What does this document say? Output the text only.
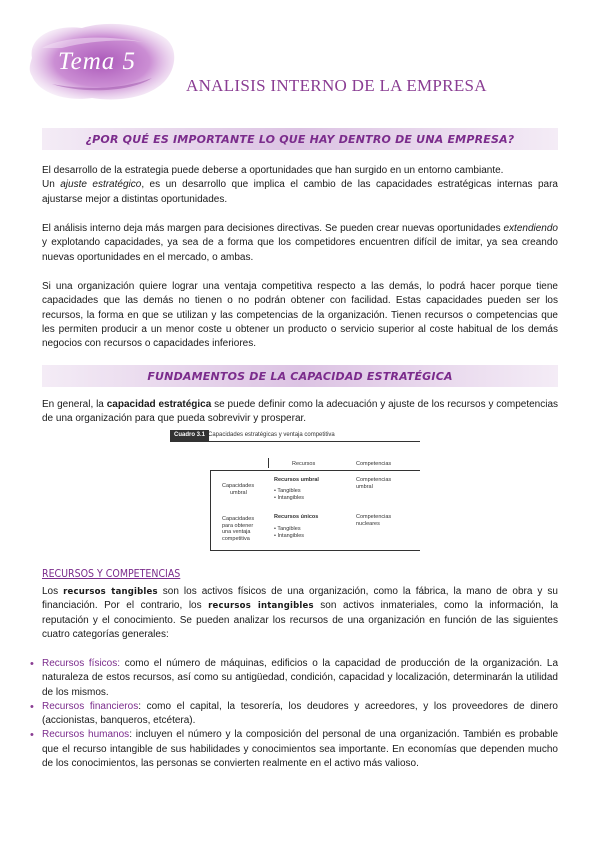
Tema 5
ANALISIS INTERNO DE LA EMPRESA
¿POR QUÉ ES IMPORTANTE LO QUE HAY DENTRO DE UNA EMPRESA?
El desarrollo de la estrategia puede deberse a oportunidades que han surgido en un entorno cambiante.
Un ajuste estratégico, es un desarrollo que implica el cambio de las capacidades estratégicas internas para ajustarse mejor a distintas oportunidades.
El análisis interno deja más margen para decisiones directivas. Se pueden crear nuevas oportunidades extendiendo y explotando capacidades, ya sea de a forma que los competidores encuentren difícil de imitar, ya sea creando nuevas oportunidades en el mercado, o ambas.
Si una organización quiere lograr una ventaja competitiva respecto a las demás, lo podrá hacer porque tiene capacidades que las demás no tienen o no podrán obtener con facilidad. Estas capacidades pueden ser los recursos, la forma en que se utilizan y las competencias de la organización. Tienen recursos o competencias que les permiten producir a un menor coste u obtener un producto o servicio superior al coste habitual de los demás negocios con recursos o capacidades inferiores.
FUNDAMENTOS DE LA CAPACIDAD ESTRATÉGICA
En general, la capacidad estratégica se puede definir como la adecuación y ajuste de los recursos y competencias de una organización para que pueda sobrevivir y prosperar.
Cuadro 3.1 Capacidades estratégicas y ventaja competitiva
Recursos	Competencias
Capacidades
umbral
Recursos umbral
• Tangibles
• Intangibles
Competencias
umbral
Capacidades
para obtener
una ventaja
competitiva
Recursos únicos
• Tangibles
• Intangibles
Competencias
nucleares
RECURSOS Y COMPETENCIAS
Los recursos tangibles son los activos físicos de una organización, como la fábrica, la mano de obra y su financiación. Por el contrario, los recursos intangibles son activos inmateriales, como la información, la reputación y el conocimiento. Se pueden analizar los recursos de una organización en función de las siguientes cuatro categorías generales:
• Recursos físicos: como el número de máquinas, edificios o la capacidad de producción de la organización. La naturaleza de estos recursos, así como su antigüedad, condición, capacidad y localización, determinarán la utilidad de los mismos.
• Recursos financieros: como el capital, la tesorería, los deudores y acreedores, y los proveedores de dinero (accionistas, banqueros, etcétera).
• Recursos humanos: incluyen el número y la composición del personal de una organización. También es probable que el recurso intangible de sus habilidades y conocimientos sea importante. En economías que dependen mucho de los conocimientos, las personas se convierten realmente en el activo más valioso.
